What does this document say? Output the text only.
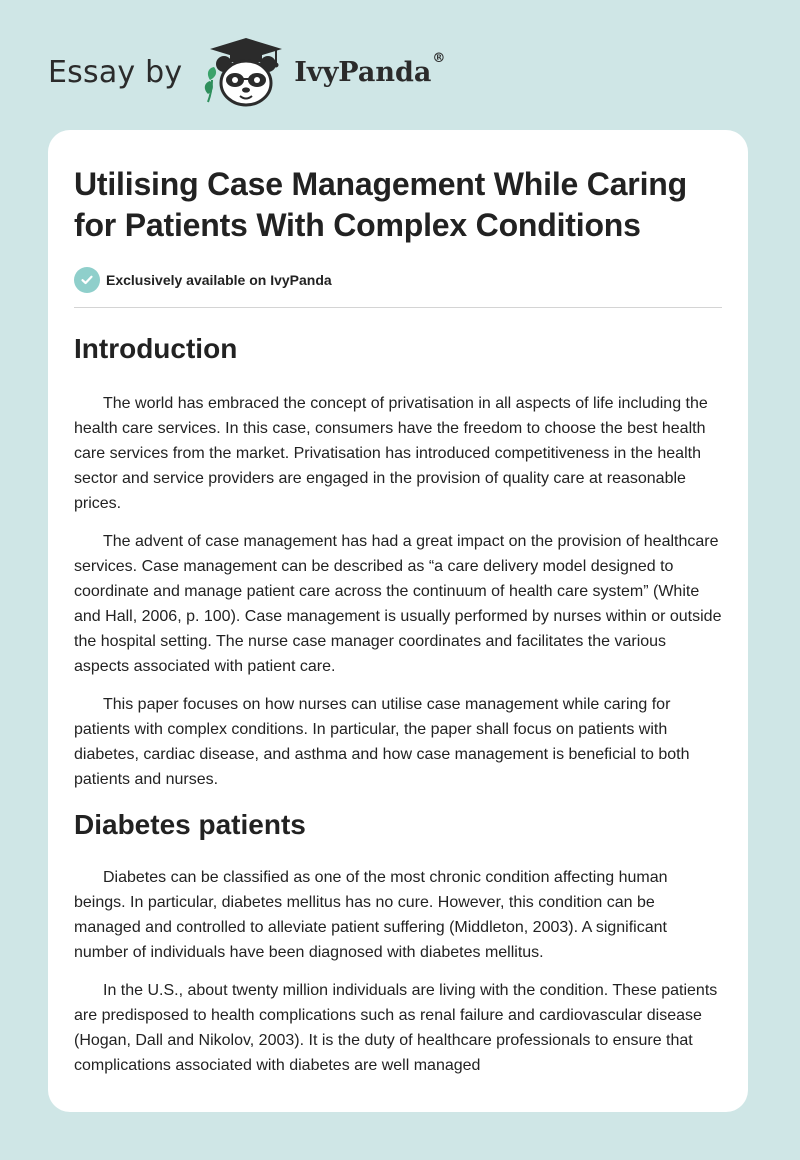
Essay by	IvyPanda®
Utilising Case Management While Caring for Patients With Complex Conditions
Exclusively available on IvyPanda
Introduction

The world has embraced the concept of privatisation in all aspects of life including the health care services. In this case, consumers have the freedom to choose the best health care services from the market. Privatisation has introduced competitiveness in the health sector and service providers are engaged in the provision of quality care at reasonable prices.

The advent of case management has had a great impact on the provision of healthcare services. Case management can be described as “a care delivery model designed to coordinate and manage patient care across the continuum of health care system” (White and Hall, 2006, p. 100). Case management is usually performed by nurses within or outside the hospital setting. The nurse case manager coordinates and facilitates the various aspects associated with patient care.

This paper focuses on how nurses can utilise case management while caring for patients with complex conditions. In particular, the paper shall focus on patients with diabetes, cardiac disease, and asthma and how case management is beneficial to both patients and nurses.

Diabetes patients

Diabetes can be classified as one of the most chronic condition affecting human beings. In particular, diabetes mellitus has no cure. However, this condition can be managed and controlled to alleviate patient suffering (Middleton, 2003). A significant number of individuals have been diagnosed with diabetes mellitus.

In the U.S., about twenty million individuals are living with the condition. These patients are predisposed to health complications such as renal failure and cardiovascular disease (Hogan, Dall and Nikolov, 2003). It is the duty of healthcare professionals to ensure that complications associated with diabetes are well managed
